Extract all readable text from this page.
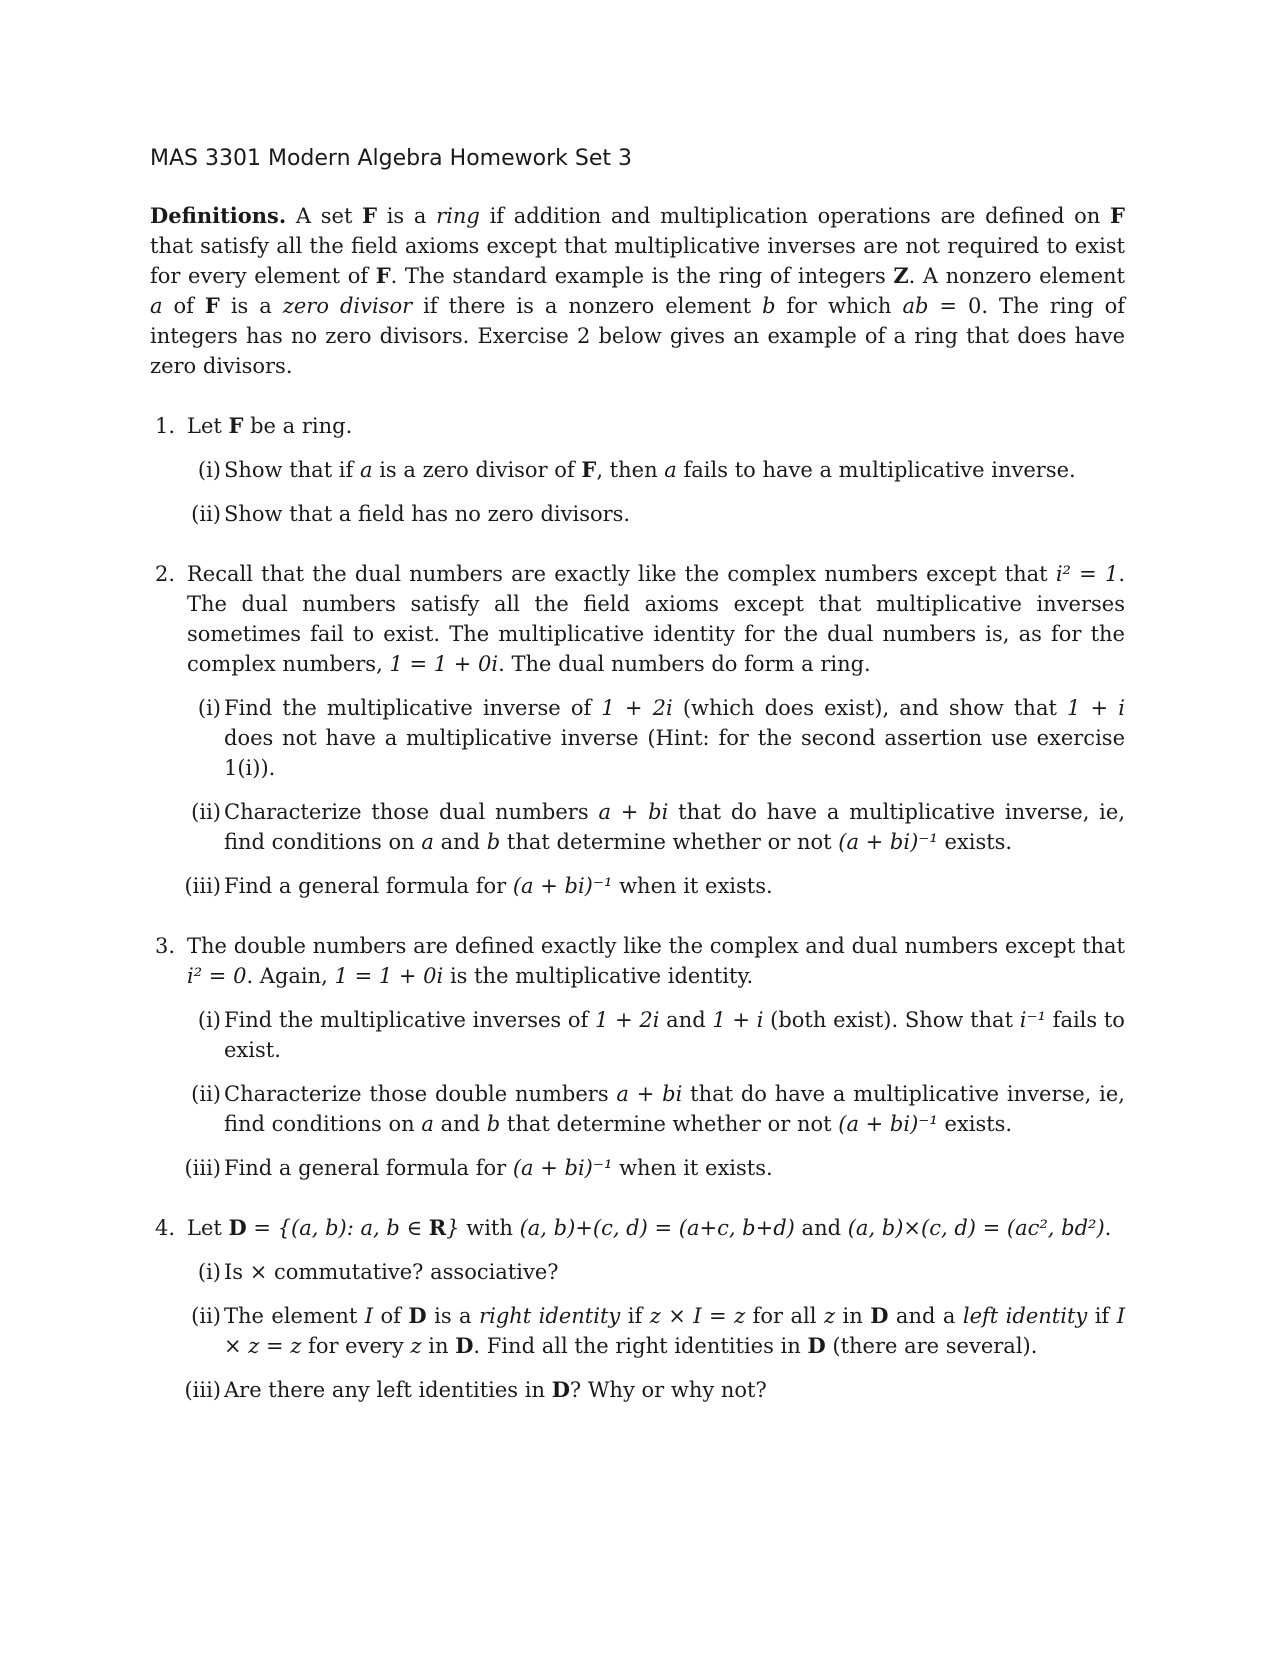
MAS 3301 Modern Algebra Homework Set 3

Definitions. A set F is a ring if addition and multiplication operations are defined on F that satisfy all the field axioms except that multiplicative inverses are not required to exist for every element of F. The standard example is the ring of integers Z. A nonzero element a of F is a zero divisor if there is a nonzero element b for which ab = 0. The ring of integers has no zero divisors. Exercise 2 below gives an example of a ring that does have zero divisors.

1. Let F be a ring.
(i) Show that if a is a zero divisor of F, then a fails to have a multiplicative inverse.
(ii) Show that a field has no zero divisors.
2. Recall that the dual numbers are exactly like the complex numbers except that i² = 1. The dual numbers satisfy all the field axioms except that multiplicative inverses sometimes fail to exist. The multiplicative identity for the dual numbers is, as for the complex numbers, 1 = 1 + 0i. The dual numbers do form a ring.
(i) Find the multiplicative inverse of 1 + 2i (which does exist), and show that 1 + i does not have a multiplicative inverse (Hint: for the second assertion use exercise 1(i)).
(ii) Characterize those dual numbers a + bi that do have a multiplicative inverse, ie, find conditions on a and b that determine whether or not (a + bi)⁻¹ exists.
(iii) Find a general formula for (a + bi)⁻¹ when it exists.
3. The double numbers are defined exactly like the complex and dual numbers except that i² = 0. Again, 1 = 1 + 0i is the multiplicative identity.
(i) Find the multiplicative inverses of 1 + 2i and 1 + i (both exist). Show that i⁻¹ fails to exist.
(ii) Characterize those double numbers a + bi that do have a multiplicative inverse, ie, find conditions on a and b that determine whether or not (a + bi)⁻¹ exists.
(iii) Find a general formula for (a + bi)⁻¹ when it exists.
4. Let D = {(a, b): a, b ∈ R} with (a, b)+(c, d) = (a+c, b+d) and (a, b)×(c, d) = (ac², bd²).
(i) Is × commutative? associative?
(ii) The element I of D is a right identity if z × I = z for all z in D and a left identity if I × z = z for every z in D. Find all the right identities in D (there are several).
(iii) Are there any left identities in D? Why or why not?
